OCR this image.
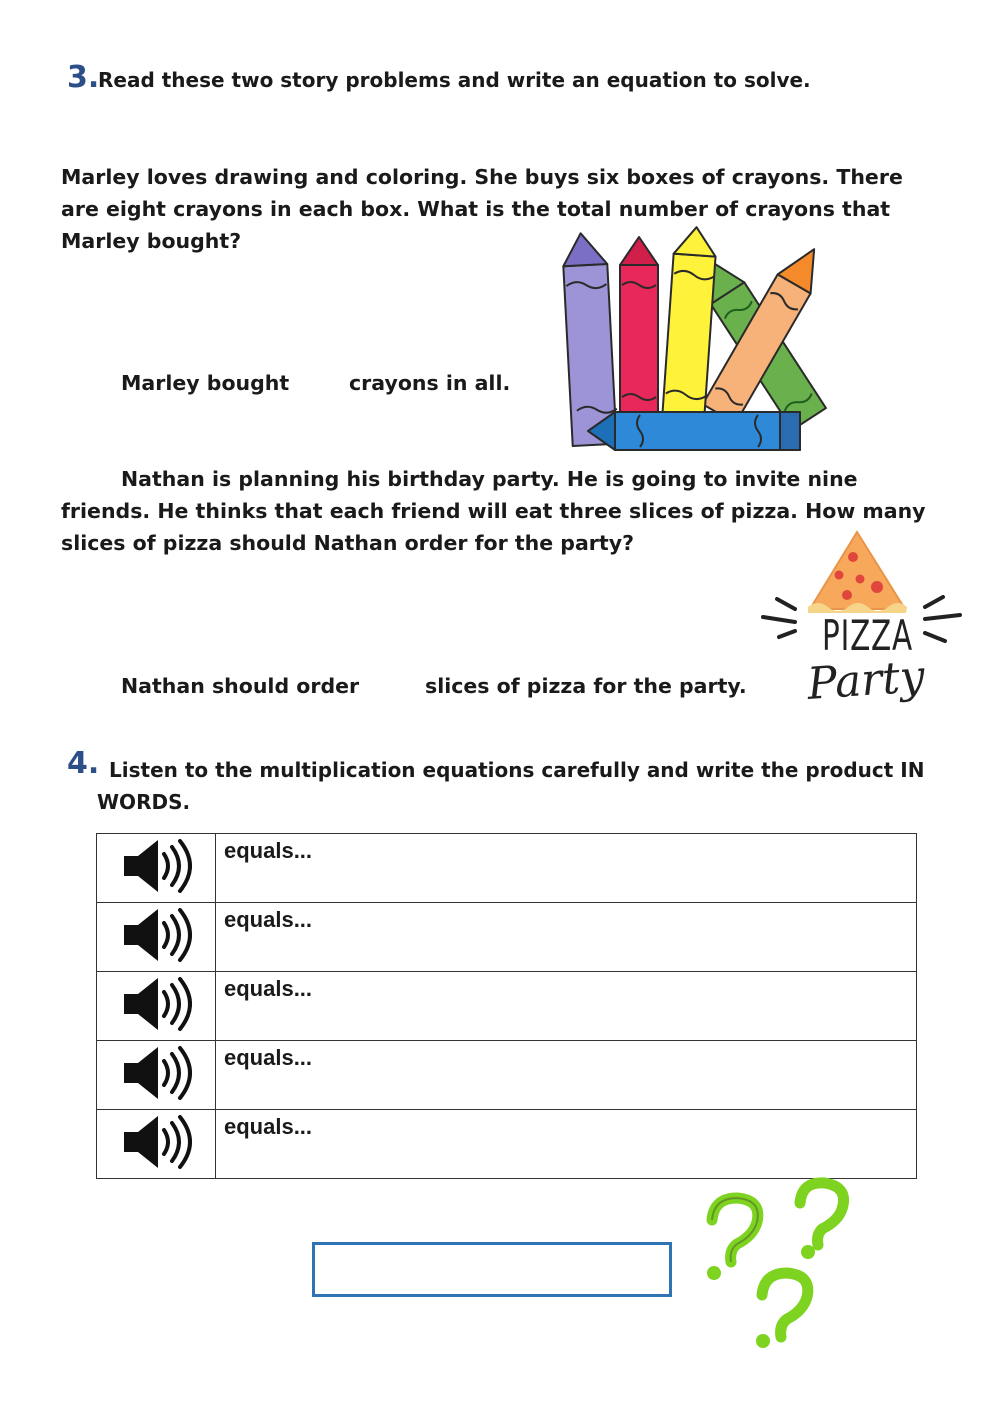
3.
Read these two story problems and write an equation to solve.
Marley loves drawing and coloring. She buys six boxes of crayons. There are eight crayons in each box. What is the total number of crayons that Marley bought?
Marley bought	crayons in all.
Nathan is planning his birthday party. He is going to invite nine friends. He thinks that each friend will eat three slices of pizza. How many slices of pizza should Nathan order for the party?
Nathan should order	slices of pizza for the party.
PIZZA
Party
4. Listen to the multiplication equations carefully and write the product IN WORDS.
	equals...
	equals...
	equals...
	equals...
	equals...
